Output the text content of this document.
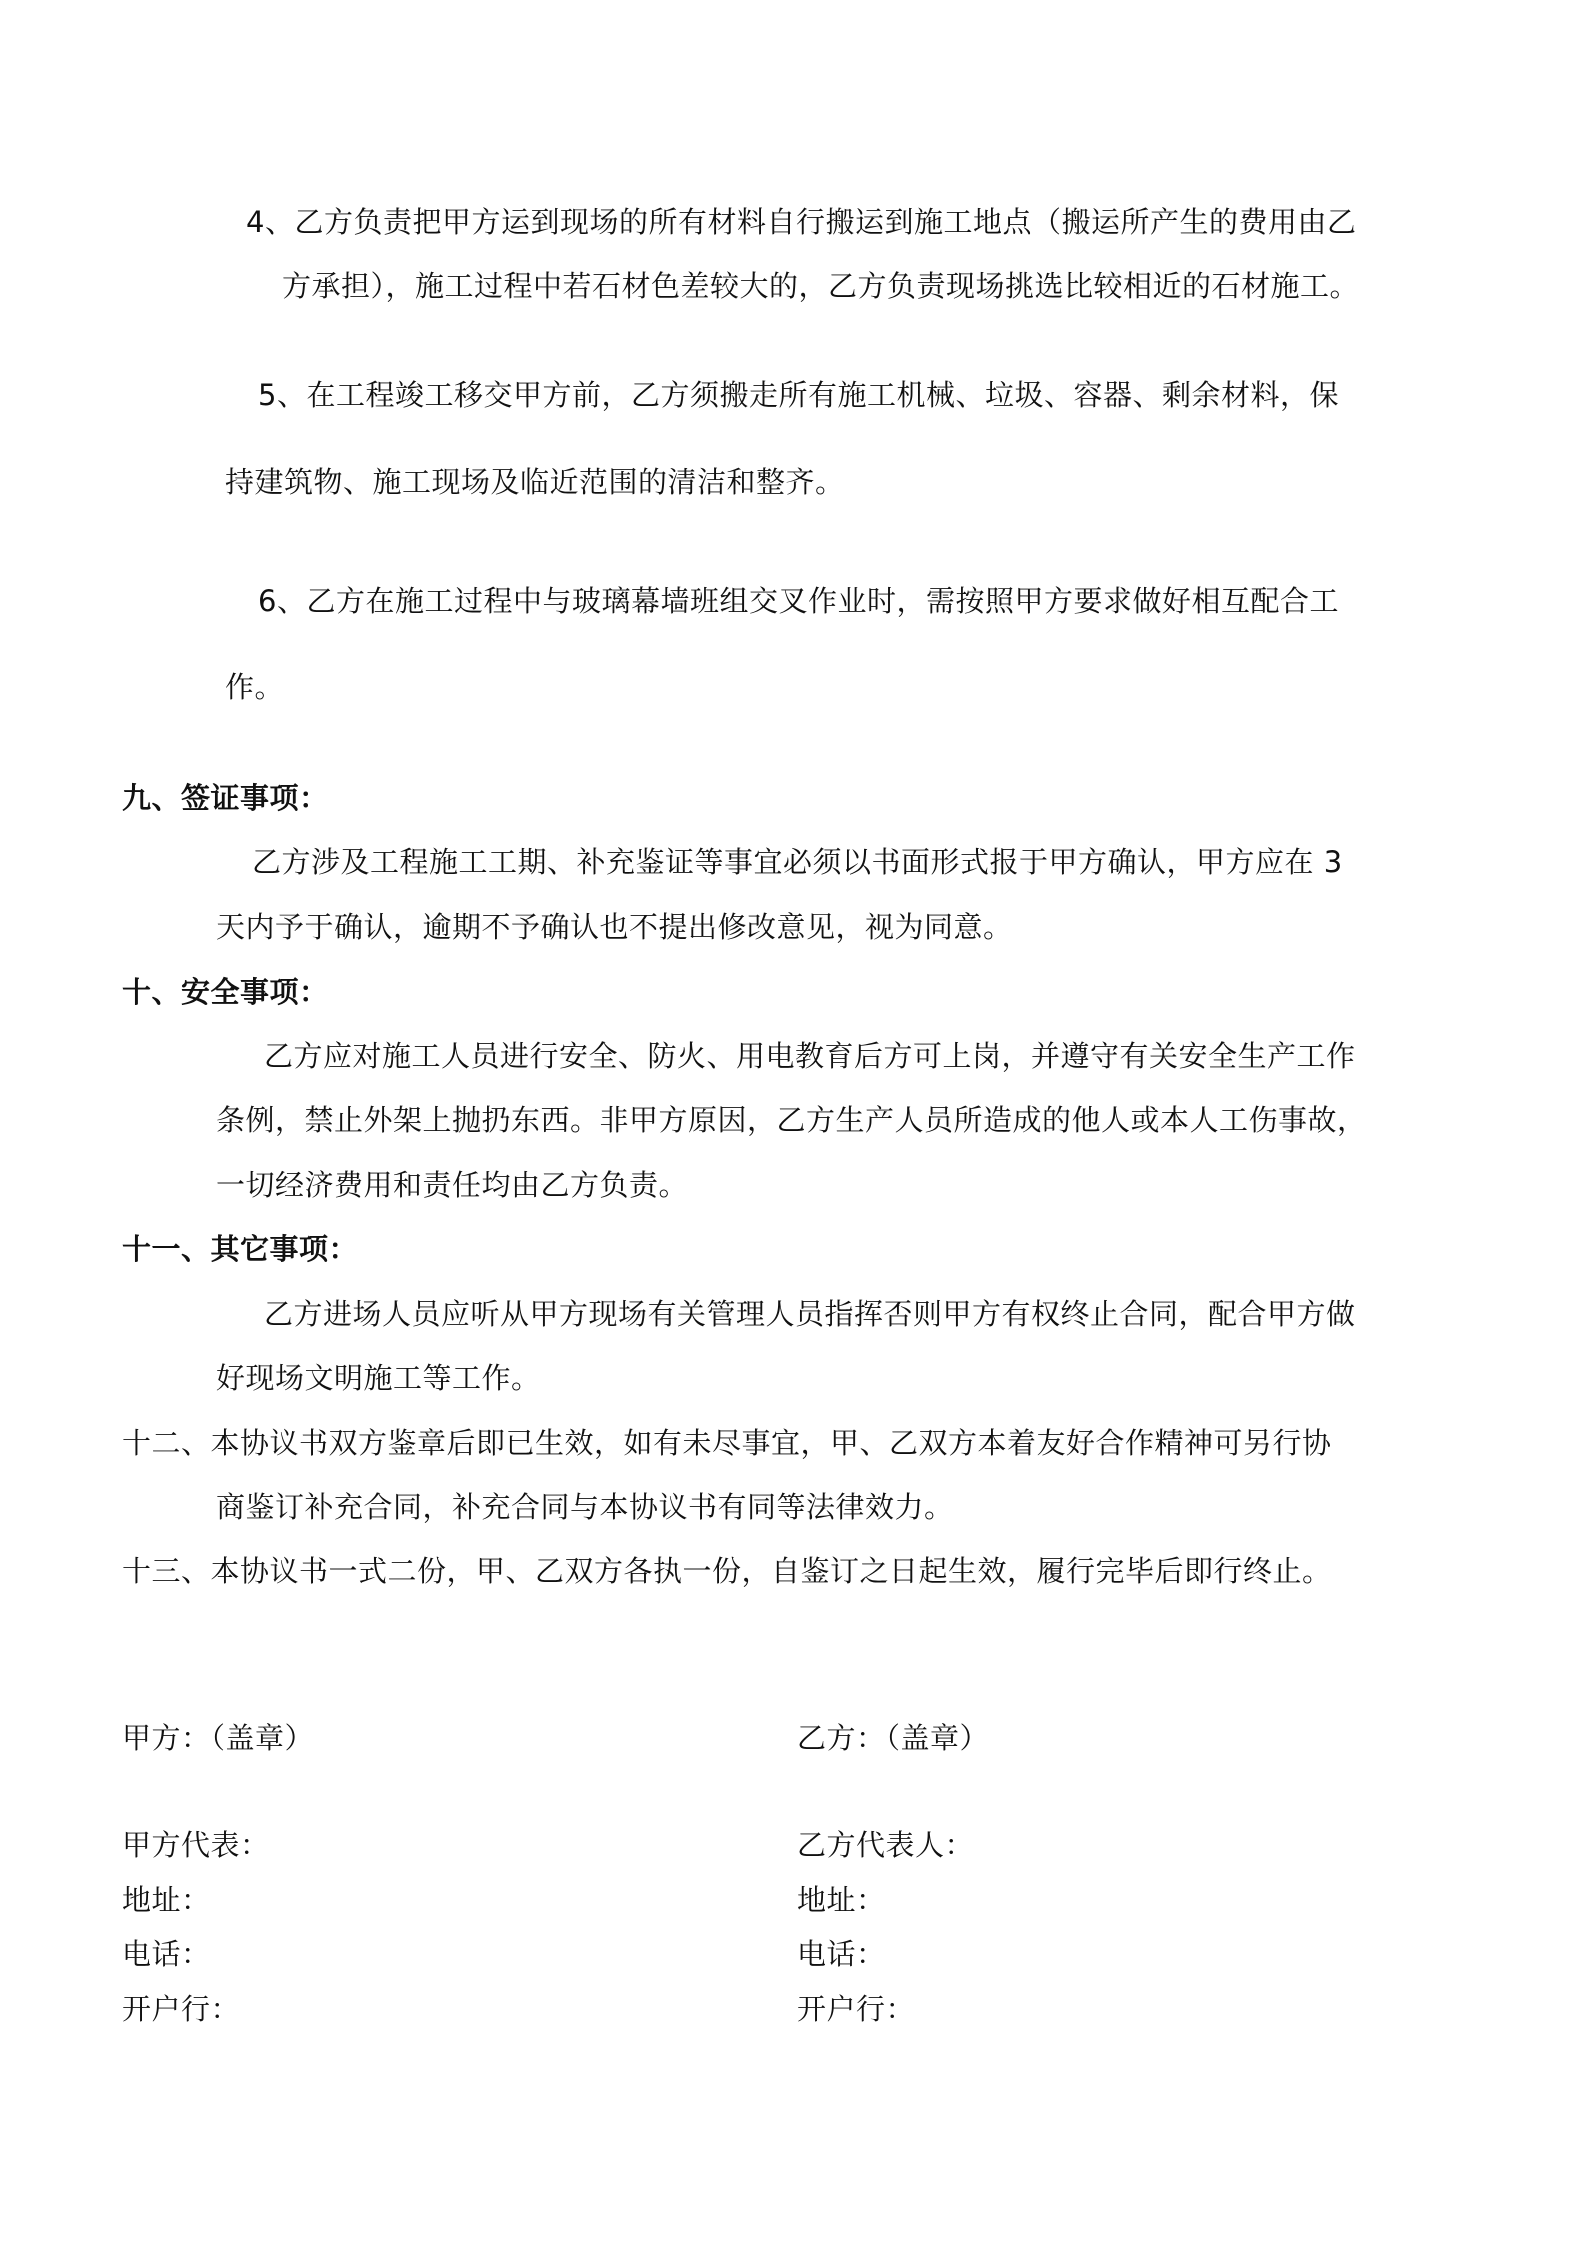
4、乙方负责把甲方运到现场的所有材料自行搬运到施工地点（搬运所产生的费用由乙
方承担），施工过程中若石材色差较大的，乙方负责现场挑选比较相近的石材施工。
5、在工程竣工移交甲方前，乙方须搬走所有施工机械、垃圾、容器、剩余材料，保
持建筑物、施工现场及临近范围的清洁和整齐。
6、乙方在施工过程中与玻璃幕墙班组交叉作业时，需按照甲方要求做好相互配合工
作。
九、签证事项：
乙方涉及工程施工工期、补充鉴证等事宜必须以书面形式报于甲方确认，甲方应在 3
天内予于确认，逾期不予确认也不提出修改意见，视为同意。
十、安全事项：
乙方应对施工人员进行安全、防火、用电教育后方可上岗，并遵守有关安全生产工作
条例，禁止外架上抛扔东西。非甲方原因，乙方生产人员所造成的他人或本人工伤事故，
一切经济费用和责任均由乙方负责。
十一、其它事项：
乙方进场人员应听从甲方现场有关管理人员指挥否则甲方有权终止合同，配合甲方做
好现场文明施工等工作。
十二、本协议书双方鉴章后即已生效，如有未尽事宜，甲、乙双方本着友好合作精神可另行协
商鉴订补充合同，补充合同与本协议书有同等法律效力。
十三、本协议书一式二份，甲、乙双方各执一份，自鉴订之日起生效，履行完毕后即行终止。
甲方：（盖章）
甲方代表：
地址：
电话：
开户行：
乙方：（盖章）
乙方代表人：
地址：
电话：
开户行：
